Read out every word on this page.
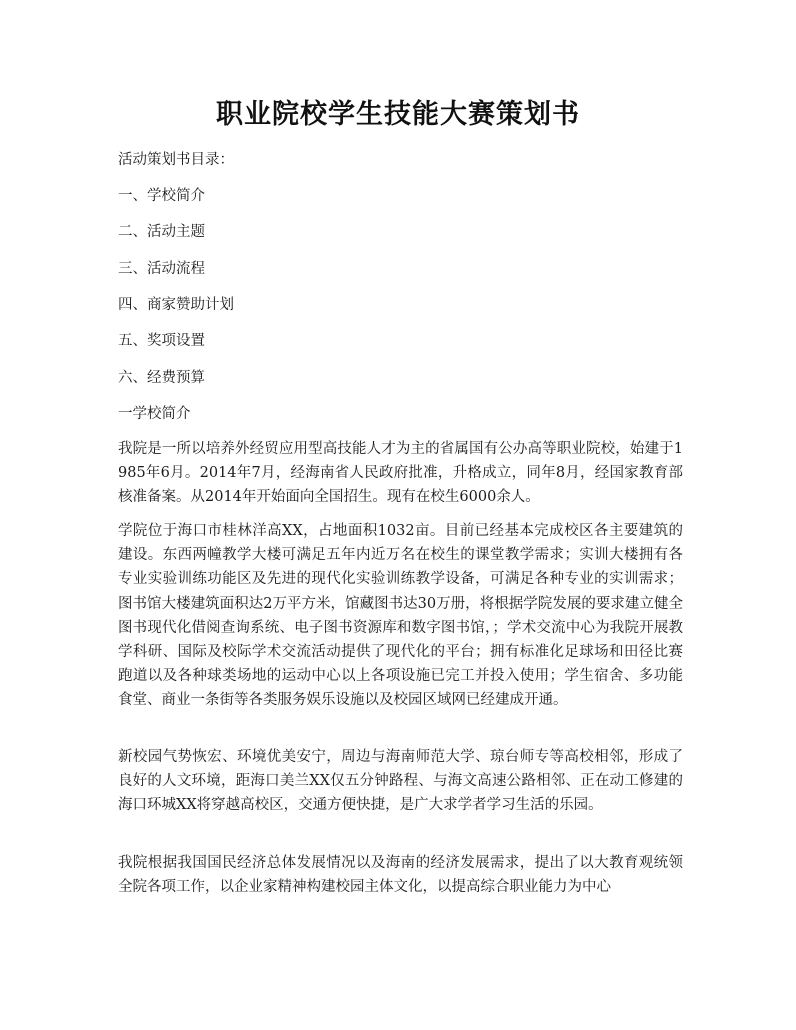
职业院校学生技能大赛策划书

活动策划书目录：

一、学校简介

二、活动主题

三、活动流程

四、商家赞助计划

五、奖项设置

六、经费预算

一学校简介

我院是一所以培养外经贸应用型高技能人才为主的省属国有公办高等职业院校，始建于1985年6月。2014年7月，经海南省人民政府批准，升格成立，同年8月，经国家教育部核准备案。从2014年开始面向全国招生。现有在校生6000余人。

学院位于海口市桂林洋高XX，占地面积1032亩。目前已经基本完成校区各主要建筑的建设。东西两幢教学大楼可满足五年内近万名在校生的课堂教学需求；实训大楼拥有各专业实验训练功能区及先进的现代化实验训练教学设备，可满足各种专业的实训需求；图书馆大楼建筑面积达2万平方米，馆藏图书达30万册，将根据学院发展的要求建立健全图书现代化借阅查询系统、电子图书资源库和数字图书馆，；学术交流中心为我院开展教学科研、国际及校际学术交流活动提供了现代化的平台；拥有标准化足球场和田径比赛跑道以及各种球类场地的运动中心以上各项设施已完工并投入使用；学生宿舍、多功能食堂、商业一条街等各类服务娱乐设施以及校园区域网已经建成开通。

新校园气势恢宏、环境优美安宁，周边与海南师范大学、琼台师专等高校相邻，形成了良好的人文环境，距海口美兰XX仅五分钟路程、与海文高速公路相邻、正在动工修建的海口环城XX将穿越高校区，交通方便快捷，是广大求学者学习生活的乐园。

我院根据我国国民经济总体发展情况以及海南的经济发展需求，提出了以大教育观统领全院各项工作，以企业家精神构建校园主体文化，以提高综合职业能力为中心
